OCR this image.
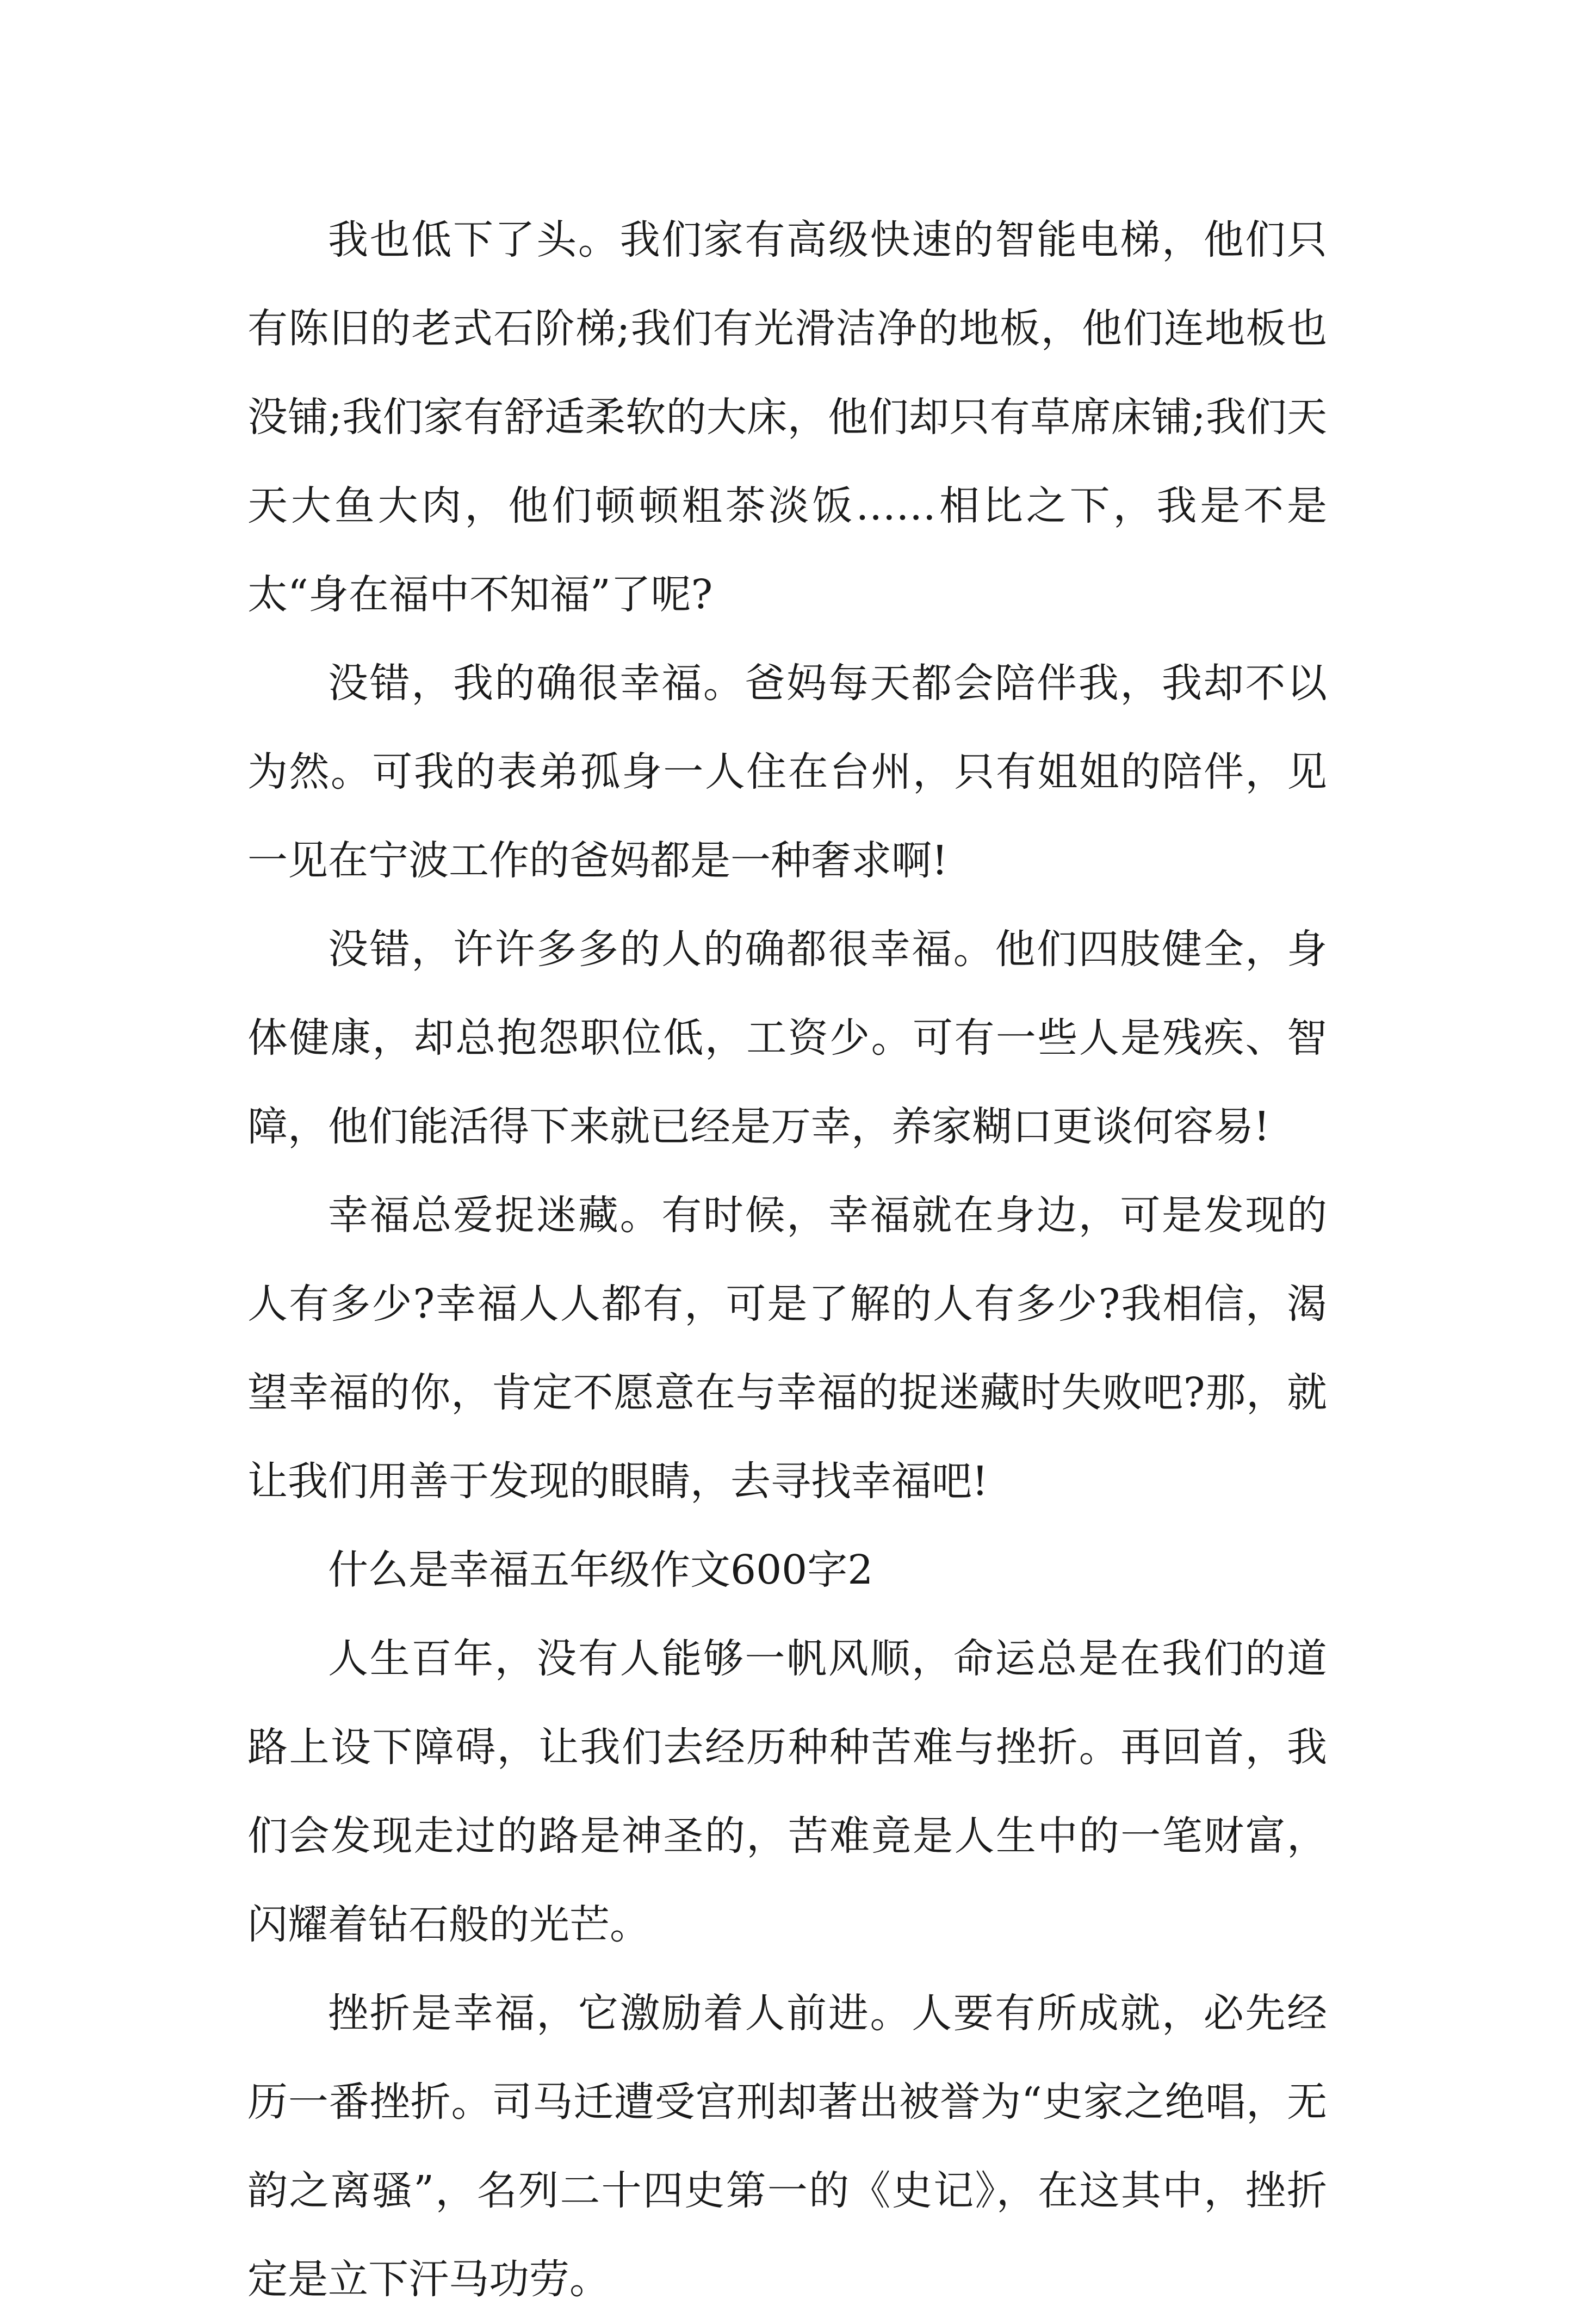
我也低下了头。我们家有高级快速的智能电梯，他们只有陈旧的老式石阶梯;我们有光滑洁净的地板，他们连地板也没铺;我们家有舒适柔软的大床，他们却只有草席床铺;我们天天大鱼大肉，他们顿顿粗茶淡饭……相比之下，我是不是太“身在福中不知福”了呢?

没错，我的确很幸福。爸妈每天都会陪伴我，我却不以为然。可我的表弟孤身一人住在台州，只有姐姐的陪伴，见一见在宁波工作的爸妈都是一种奢求啊!

没错，许许多多的人的确都很幸福。他们四肢健全，身体健康，却总抱怨职位低，工资少。可有一些人是残疾、智障，他们能活得下来就已经是万幸，养家糊口更谈何容易!

幸福总爱捉迷藏。有时候，幸福就在身边，可是发现的人有多少?幸福人人都有，可是了解的人有多少?我相信，渴望幸福的你，肯定不愿意在与幸福的捉迷藏时失败吧?那，就让我们用善于发现的眼睛，去寻找幸福吧!

什么是幸福五年级作文600字2

人生百年，没有人能够一帆风顺，命运总是在我们的道路上设下障碍，让我们去经历种种苦难与挫折。再回首，我们会发现走过的路是神圣的，苦难竟是人生中的一笔财富，闪耀着钻石般的光芒。

挫折是幸福，它激励着人前进。人要有所成就，必先经历一番挫折。司马迁遭受宫刑却著出被誉为“史家之绝唱，无韵之离骚”，名列二十四史第一的《史记》，在这其中，挫折定是立下汗马功劳。
